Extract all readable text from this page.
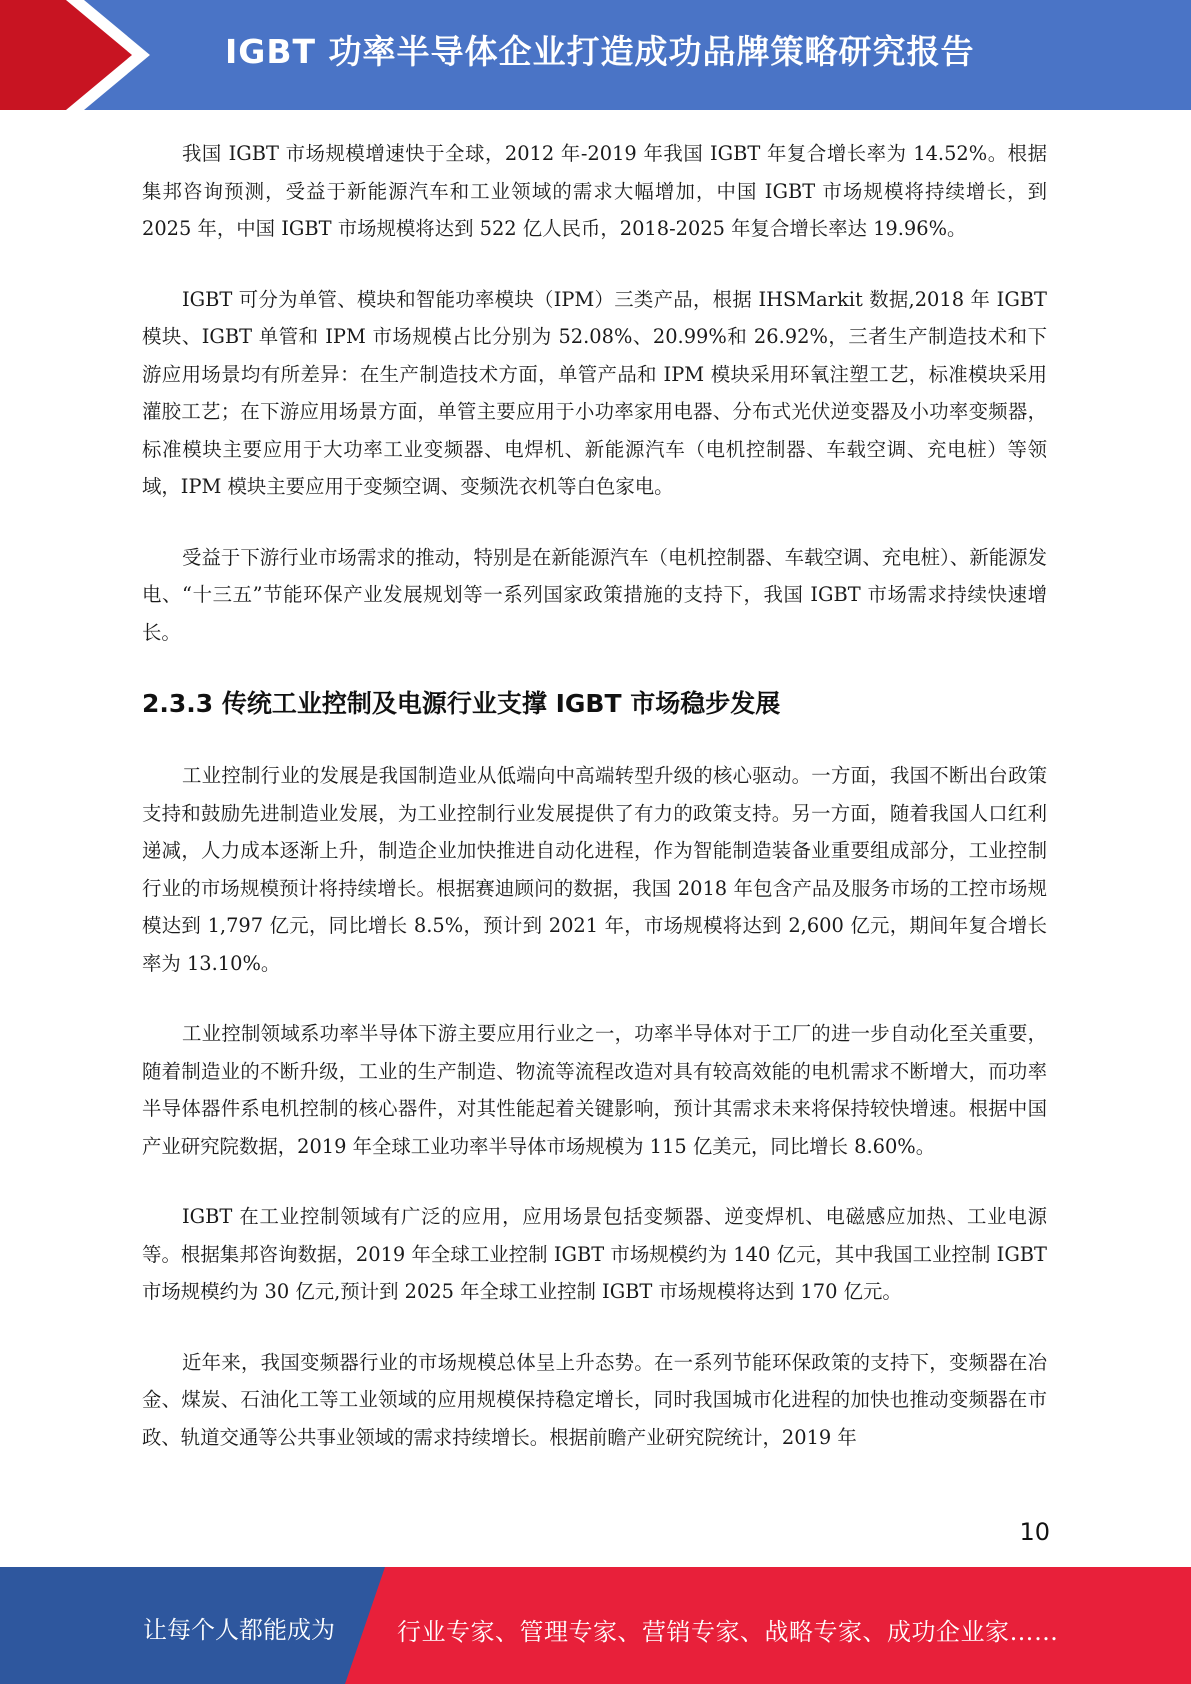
IGBT 功率半导体企业打造成功品牌策略研究报告

我国 IGBT 市场规模增速快于全球，2012 年-2019 年我国 IGBT 年复合增长率为 14.52%。根据集邦咨询预测，受益于新能源汽车和工业领域的需求大幅增加，中国 IGBT 市场规模将持续增长，到 2025 年，中国 IGBT 市场规模将达到 522 亿人民币，2018-2025 年复合增长率达 19.96%。

IGBT 可分为单管、模块和智能功率模块（IPM）三类产品，根据 IHSMarkit 数据,2018 年 IGBT 模块、IGBT 单管和 IPM 市场规模占比分别为 52.08%、20.99%和 26.92%，三者生产制造技术和下游应用场景均有所差异：在生产制造技术方面，单管产品和 IPM 模块采用环氧注塑工艺，标准模块采用灌胶工艺；在下游应用场景方面，单管主要应用于小功率家用电器、分布式光伏逆变器及小功率变频器，标准模块主要应用于大功率工业变频器、电焊机、新能源汽车（电机控制器、车载空调、充电桩）等领域，IPM 模块主要应用于变频空调、变频洗衣机等白色家电。

受益于下游行业市场需求的推动，特别是在新能源汽车（电机控制器、车载空调、充电桩）、新能源发电、“十三五”节能环保产业发展规划等一系列国家政策措施的支持下，我国 IGBT 市场需求持续快速增长。

2.3.3 传统工业控制及电源行业支撑 IGBT 市场稳步发展

工业控制行业的发展是我国制造业从低端向中高端转型升级的核心驱动。一方面，我国不断出台政策支持和鼓励先进制造业发展，为工业控制行业发展提供了有力的政策支持。另一方面，随着我国人口红利递减，人力成本逐渐上升，制造企业加快推进自动化进程，作为智能制造装备业重要组成部分，工业控制行业的市场规模预计将持续增长。根据赛迪顾问的数据，我国 2018 年包含产品及服务市场的工控市场规模达到 1,797 亿元，同比增长 8.5%，预计到 2021 年，市场规模将达到 2,600 亿元，期间年复合增长率为 13.10%。

工业控制领域系功率半导体下游主要应用行业之一，功率半导体对于工厂的进一步自动化至关重要，随着制造业的不断升级，工业的生产制造、物流等流程改造对具有较高效能的电机需求不断增大，而功率半导体器件系电机控制的核心器件，对其性能起着关键影响，预计其需求未来将保持较快增速。根据中国产业研究院数据，2019 年全球工业功率半导体市场规模为 115 亿美元，同比增长 8.60%。

IGBT 在工业控制领域有广泛的应用，应用场景包括变频器、逆变焊机、电磁感应加热、工业电源等。根据集邦咨询数据，2019 年全球工业控制 IGBT 市场规模约为 140 亿元，其中我国工业控制 IGBT 市场规模约为 30 亿元,预计到 2025 年全球工业控制 IGBT 市场规模将达到 170 亿元。

近年来，我国变频器行业的市场规模总体呈上升态势。在一系列节能环保政策的支持下，变频器在冶金、煤炭、石油化工等工业领域的应用规模保持稳定增长，同时我国城市化进程的加快也推动变频器在市政、轨道交通等公共事业领域的需求持续增长。根据前瞻产业研究院统计，2019 年

10
让每个人都能成为	行业专家、管理专家、营销专家、战略专家、成功企业家……
